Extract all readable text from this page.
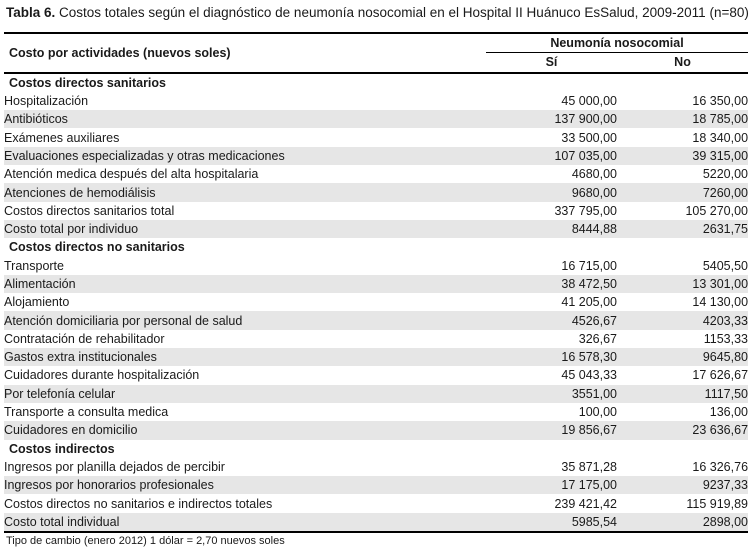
Tabla 6. Costos totales según el diagnóstico de neumonía nosocomial en el Hospital II Huánuco EsSalud, 2009-2011 (n=80)
Costo por actividades (nuevos soles)	Neumonía nosocomial	
	Sí	No
Costos directos sanitarios		
Hospitalización	45 000,00	16 350,00
Antibióticos	137 900,00	18 785,00
Exámenes auxiliares	33 500,00	18 340,00
Evaluaciones especializadas y otras medicaciones	107 035,00	39 315,00
Atención medica después del alta hospitalaria	4680,00	5220,00
Atenciones de hemodiálisis	9680,00	7260,00
Costos directos sanitarios total	337 795,00	105 270,00
Costo total por individuo	8444,88	2631,75
Costos directos no sanitarios		
Transporte	16 715,00	5405,50
Alimentación	38 472,50	13 301,00
Alojamiento	41 205,00	14 130,00
Atención domiciliaria por personal de salud	4526,67	4203,33
Contratación de rehabilitador	326,67	1153,33
Gastos extra institucionales	16 578,30	9645,80
Cuidadores durante hospitalización	45 043,33	17 626,67
Por telefonía celular	3551,00	1117,50
Transporte a consulta medica	100,00	136,00
Cuidadores en domicilio	19 856,67	23 636,67
Costos indirectos		
Ingresos por planilla dejados de percibir	35 871,28	16 326,76
Ingresos por honorarios profesionales	17 175,00	9237,33
Costos directos no sanitarios e indirectos totales	239 421,42	115 919,89
Costo total individual	5985,54	2898,00
Tipo de cambio (enero 2012) 1 dólar = 2,70 nuevos soles
